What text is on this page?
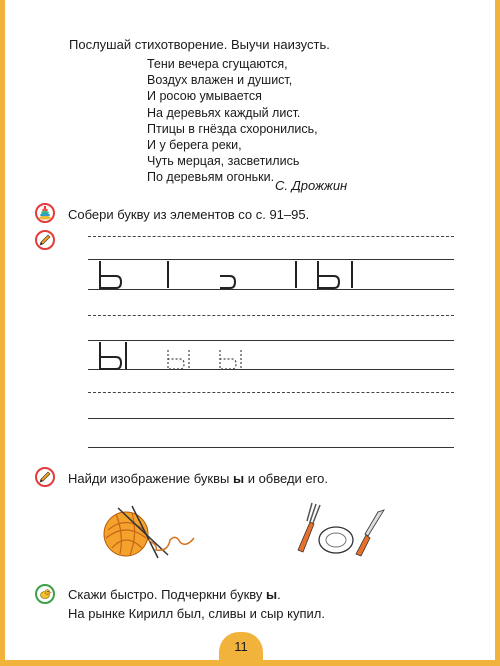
Послушай стихотворение. Выучи наизусть.
Тени вечера сгущаются,
Воздух влажен и душист,
И росою умывается
На деревьях каждый лист.
Птицы в гнёзда схоронились,
И у берега реки,
Чуть мерцая, засветились
По деревьям огоньки.
С. Дрожжин
Собери букву из элементов со с. 91–95.
Найди изображение буквы ы и обведи его.
Скажи быстро. Подчеркни букву ы.
На рынке Кирилл был, сливы и сыр купил.
11
